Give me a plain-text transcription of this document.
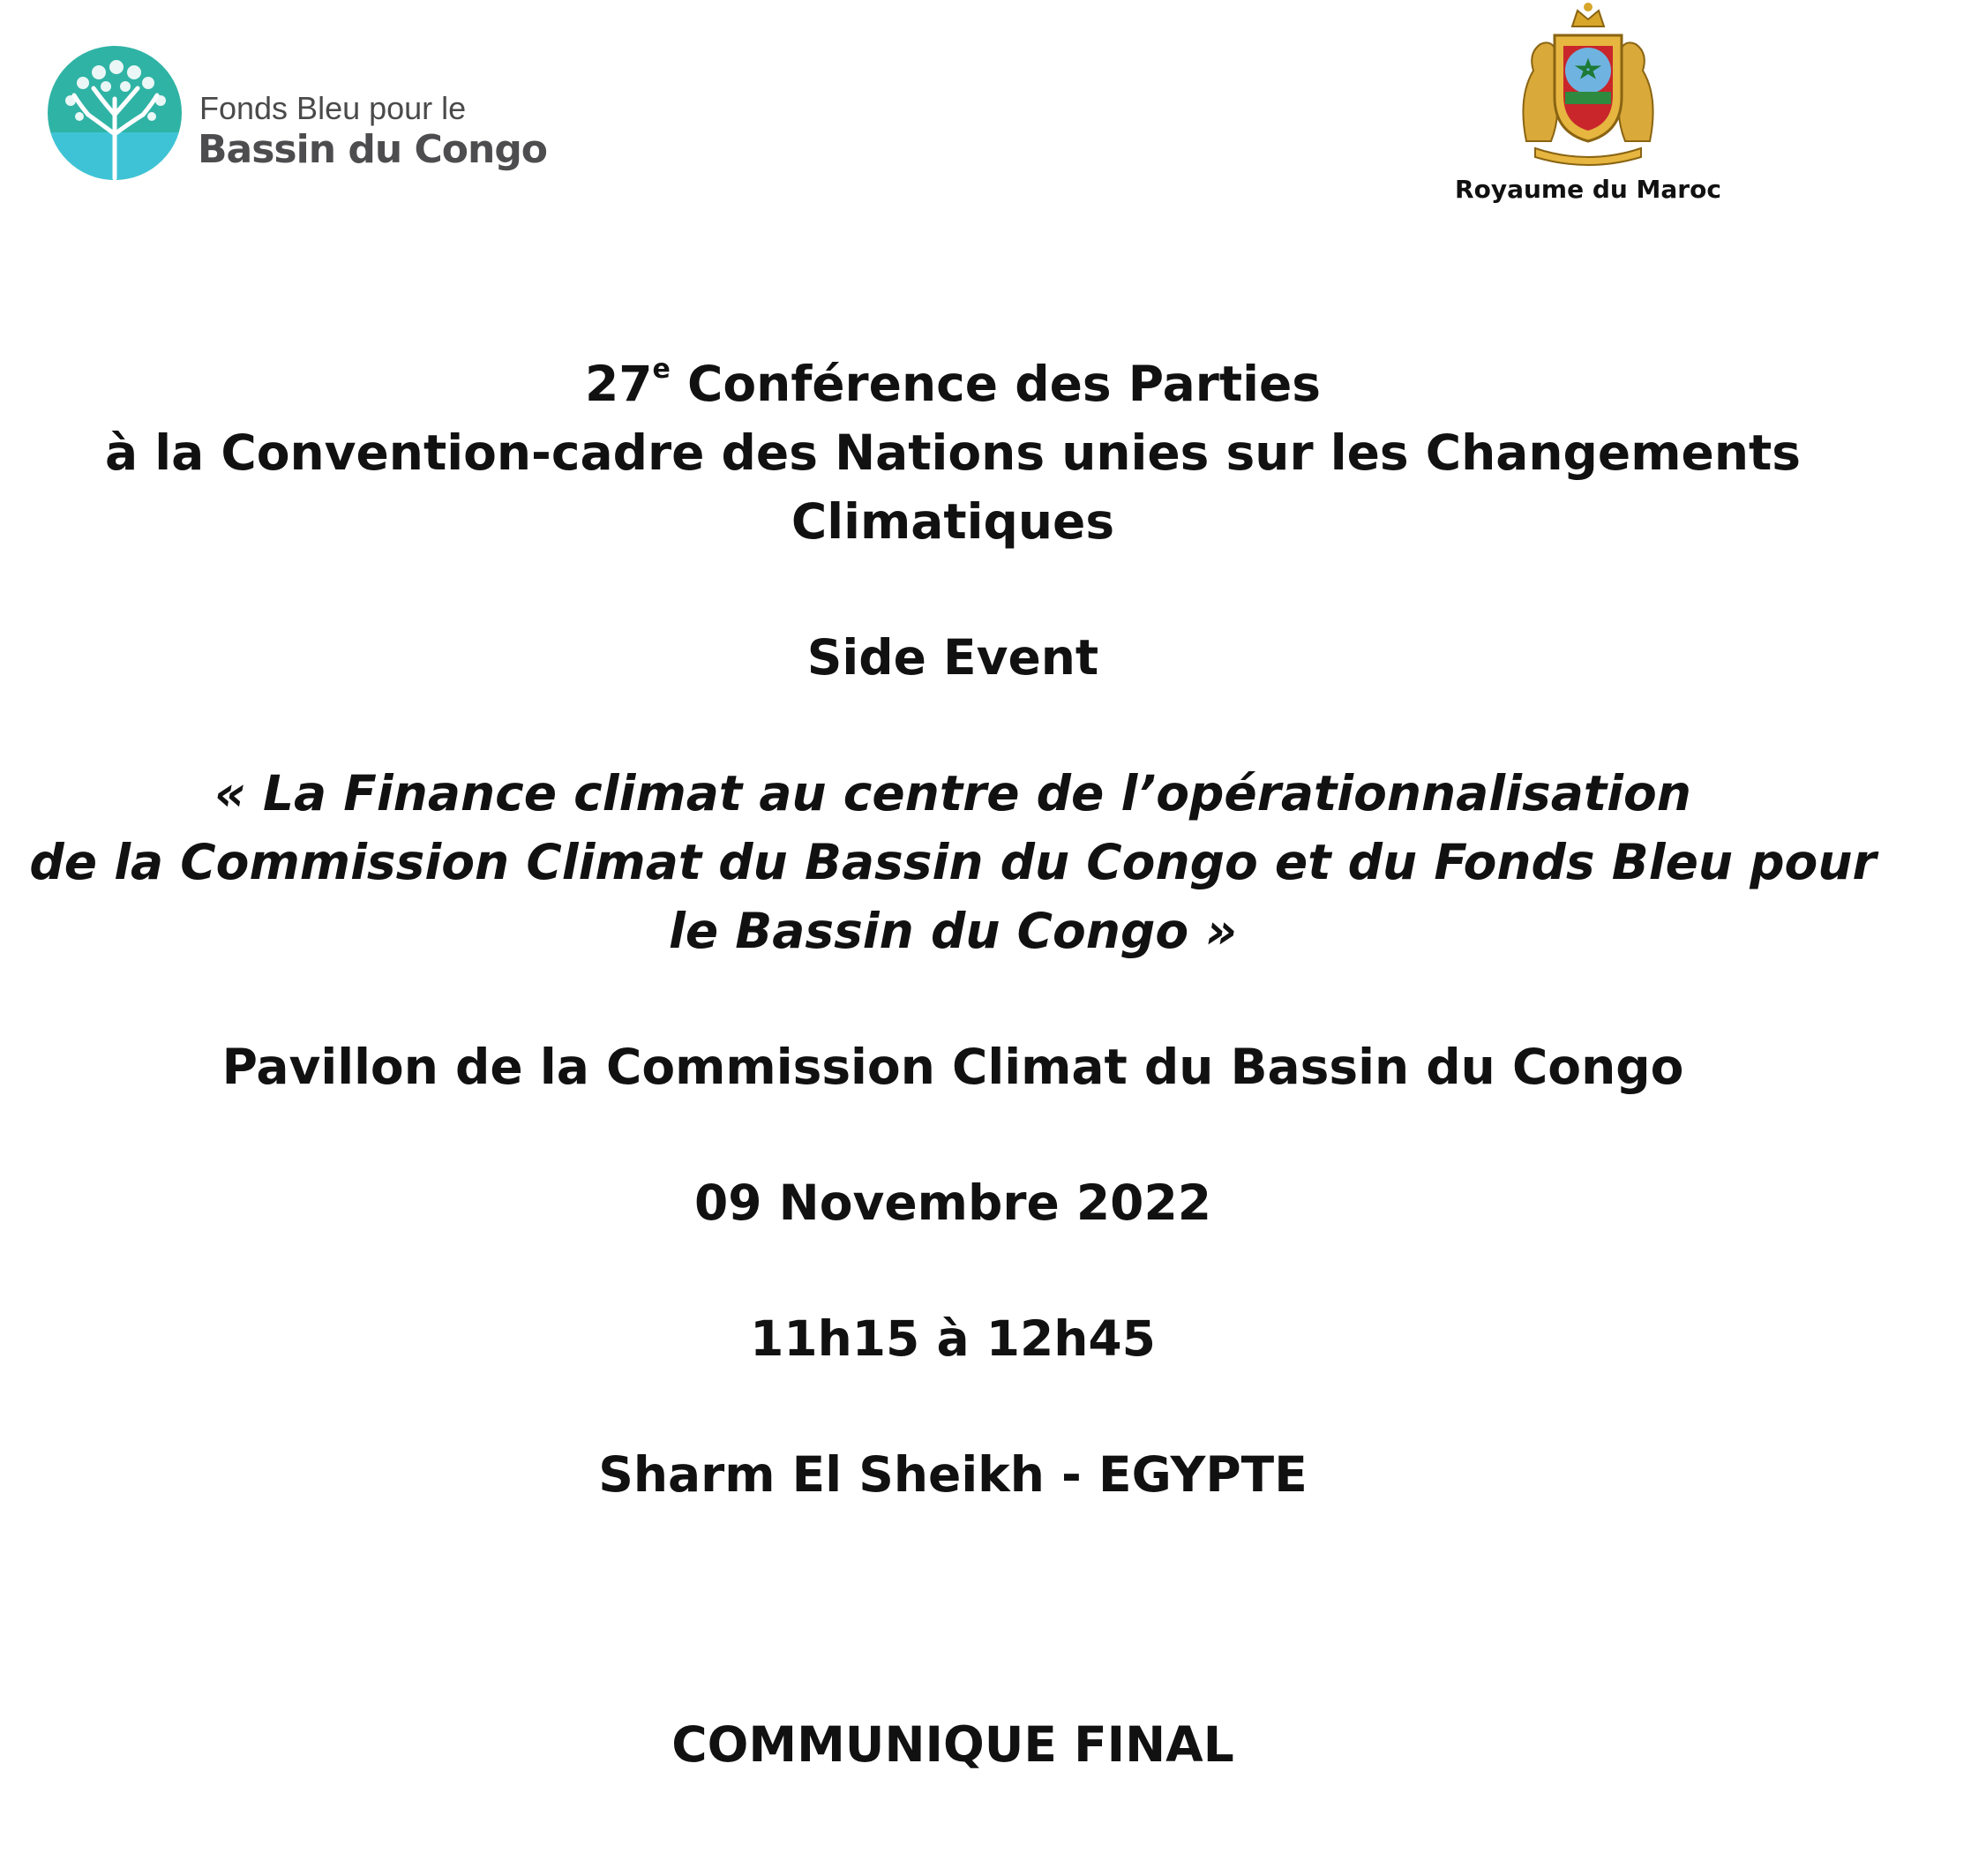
Fonds Bleu pour le
Bassin du Congo
Royaume du Maroc

27e Conférence des Parties

à la Convention-cadre des Nations unies sur les Changements

Climatiques

Side Event

« La Finance climat au centre de l’opérationnalisation

de la Commission Climat du Bassin du Congo et du Fonds Bleu pour

le Bassin du Congo »

Pavillon de la Commission Climat du Bassin du Congo

09 Novembre 2022

11h15 à 12h45

Sharm El Sheikh - EGYPTE

COMMUNIQUE FINAL
